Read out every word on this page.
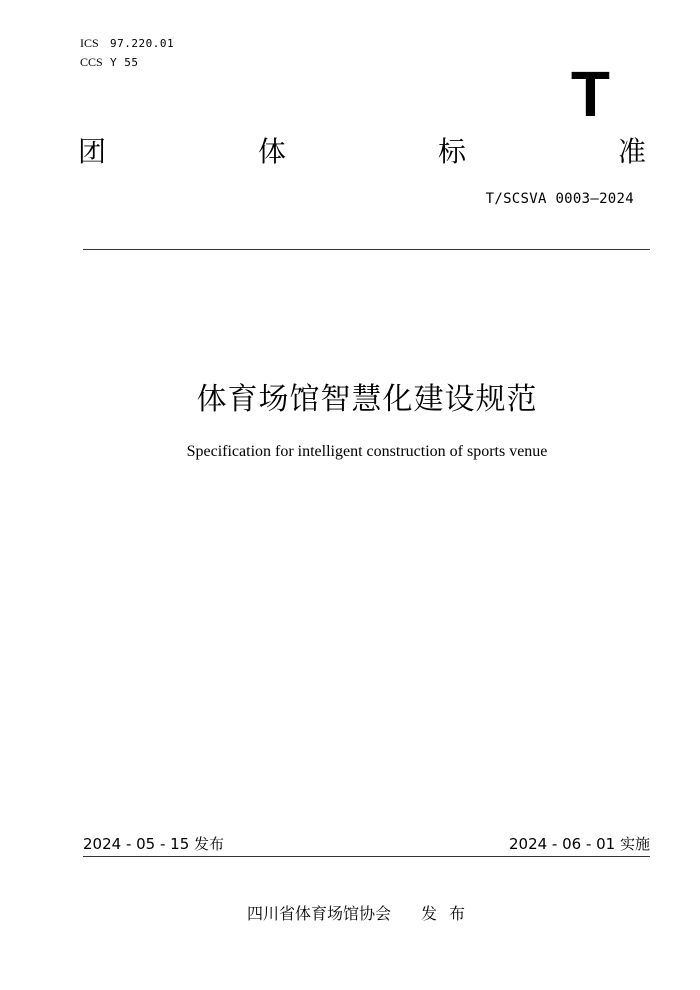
ICS 97.220.01
CCS Y 55	T
团	体	标	准
T/SCSVA 0003—2024
体育场馆智慧化建设规范
Specification for intelligent construction of sports venue
2024 - 05 - 15 发布	2024 - 06 - 01 实施
四川省体育场馆协会 发布
